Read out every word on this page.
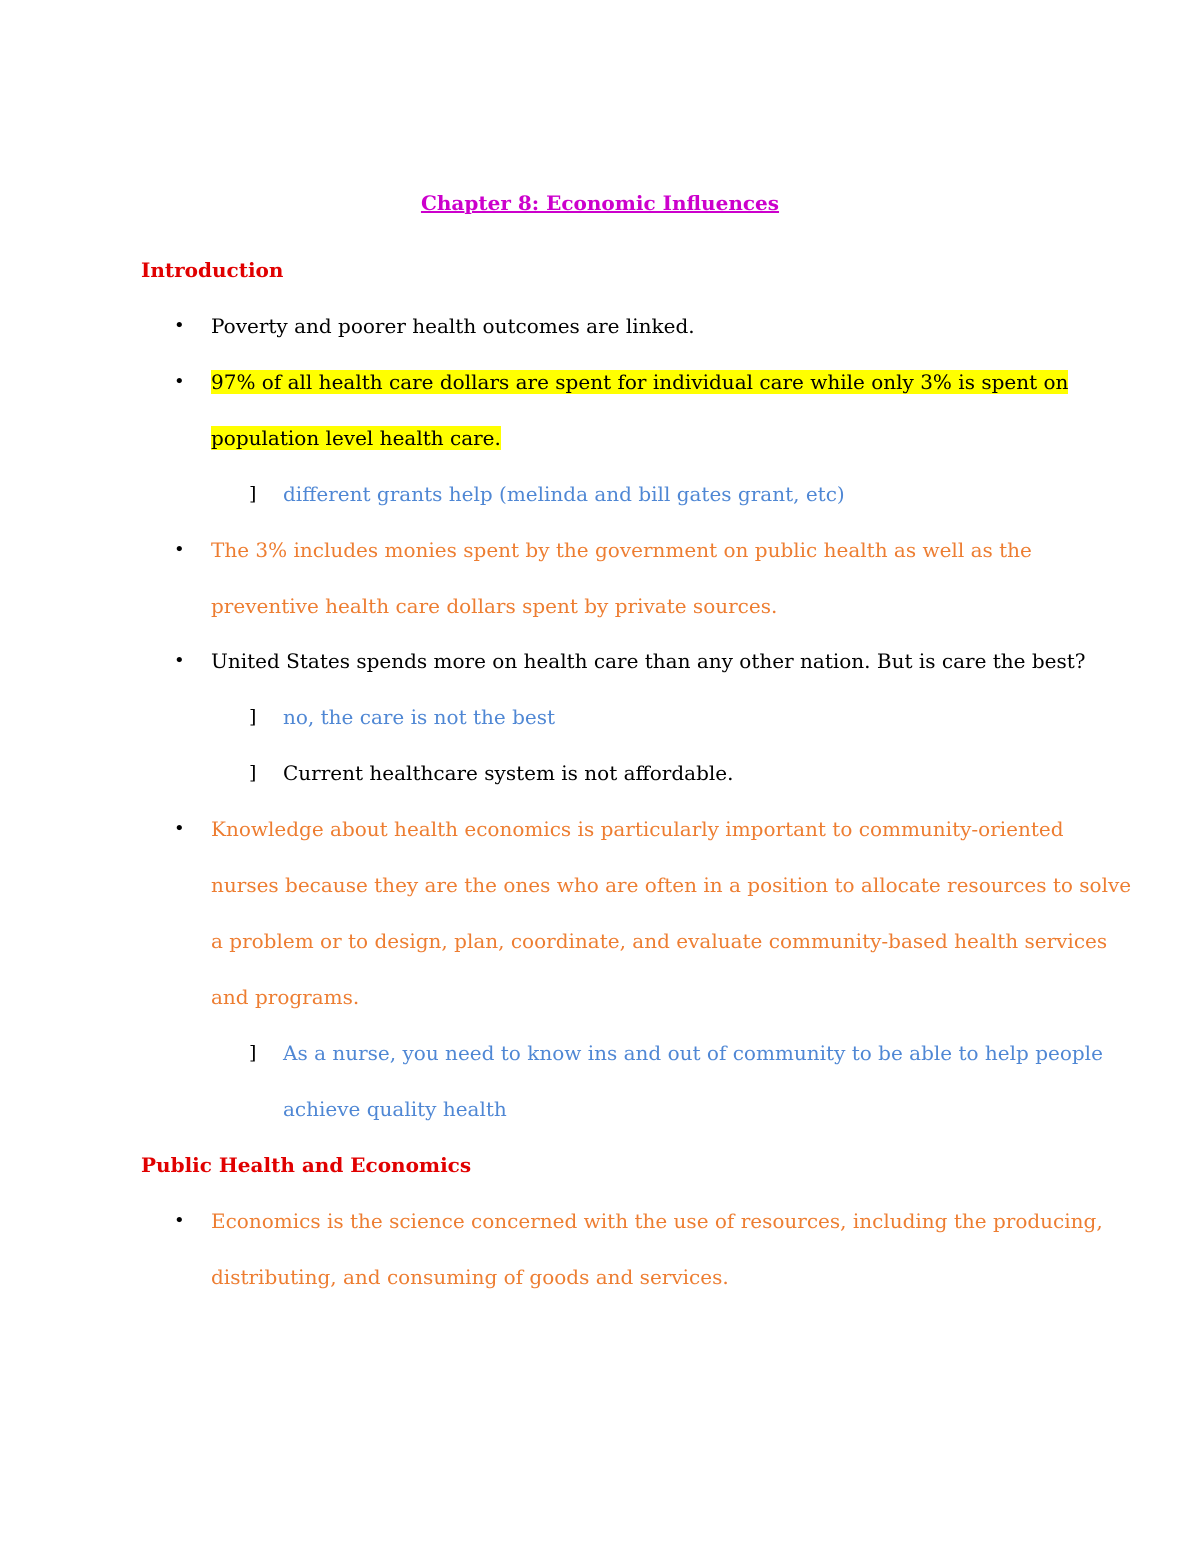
Chapter 8: Economic Influences
Introduction
• Poverty and poorer health outcomes are linked.
• 97% of all health care dollars are spent for individual care while only 3% is spent on
population level health care.
] different grants help (melinda and bill gates grant, etc)
• The 3% includes monies spent by the government on public health as well as the
preventive health care dollars spent by private sources.
• United States spends more on health care than any other nation. But is care the best?
] no, the care is not the best
] Current healthcare system is not affordable.
• Knowledge about health economics is particularly important to community-oriented
nurses because they are the ones who are often in a position to allocate resources to solve
a problem or to design, plan, coordinate, and evaluate community-based health services
and programs.
] As a nurse, you need to know ins and out of community to be able to help people
achieve quality health
Public Health and Economics
• Economics is the science concerned with the use of resources, including the producing,
distributing, and consuming of goods and services.
